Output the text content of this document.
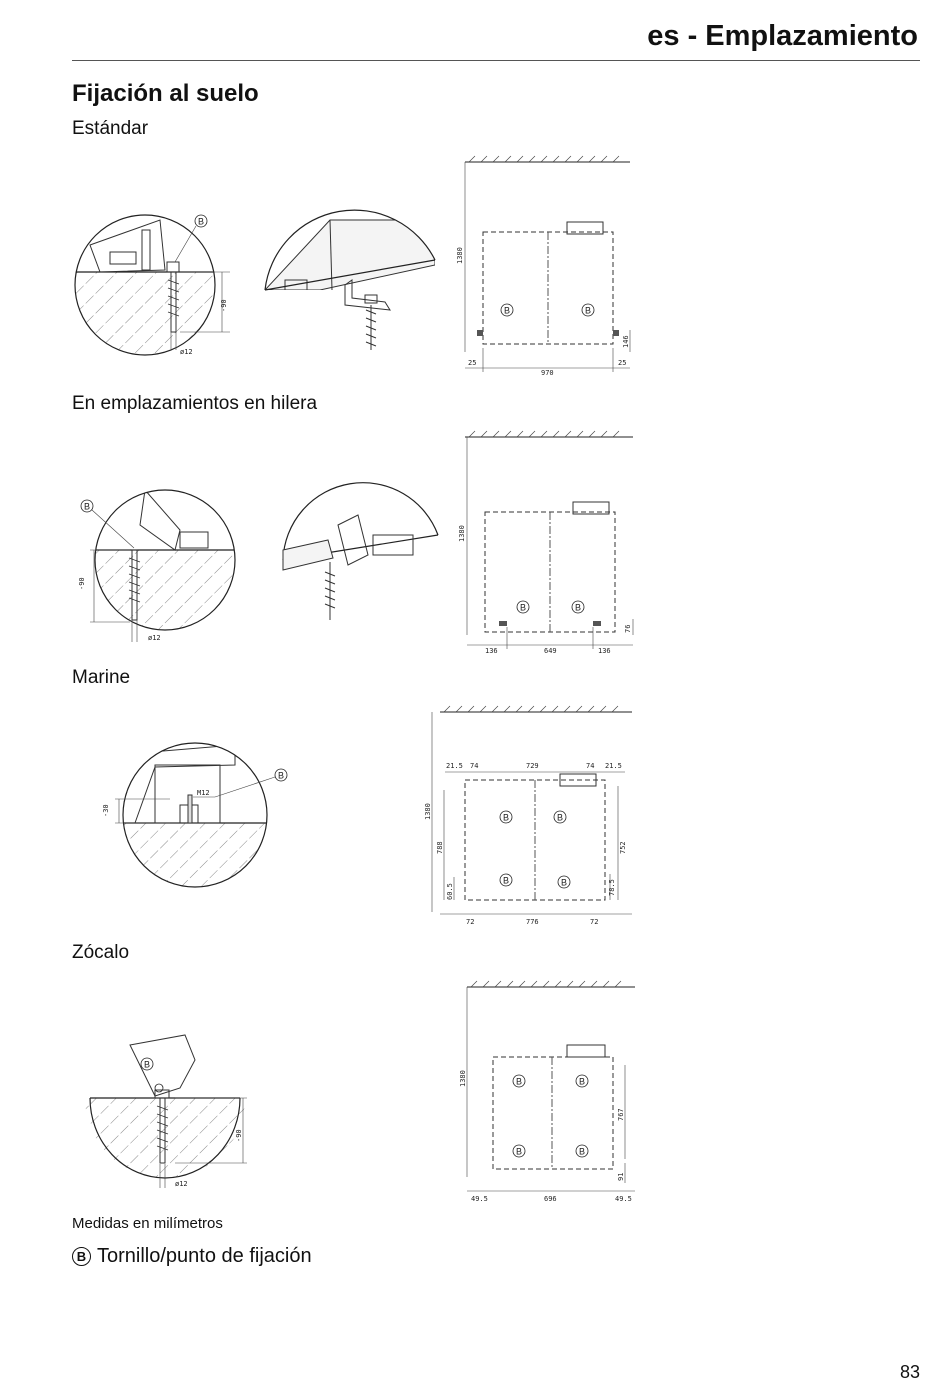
es - Emplazamiento
Fijación al suelo
Estándar
En emplazamientos en hilera
Marine
Zócalo
-90
ø12
B
1380
B	B
25
970
25
146
-90
ø12
B
1380
B	B
136	649	136
76
M12
-30
B
1380
21.5 74	729	74 21.5
B	B
B	B
788
60.5
752
78.5
72	776	72
B
-90
ø12
1380	B	B
B	B
767
91
49.5	696	49.5
Medidas en milímetros
B Tornillo/punto de fijación
83
